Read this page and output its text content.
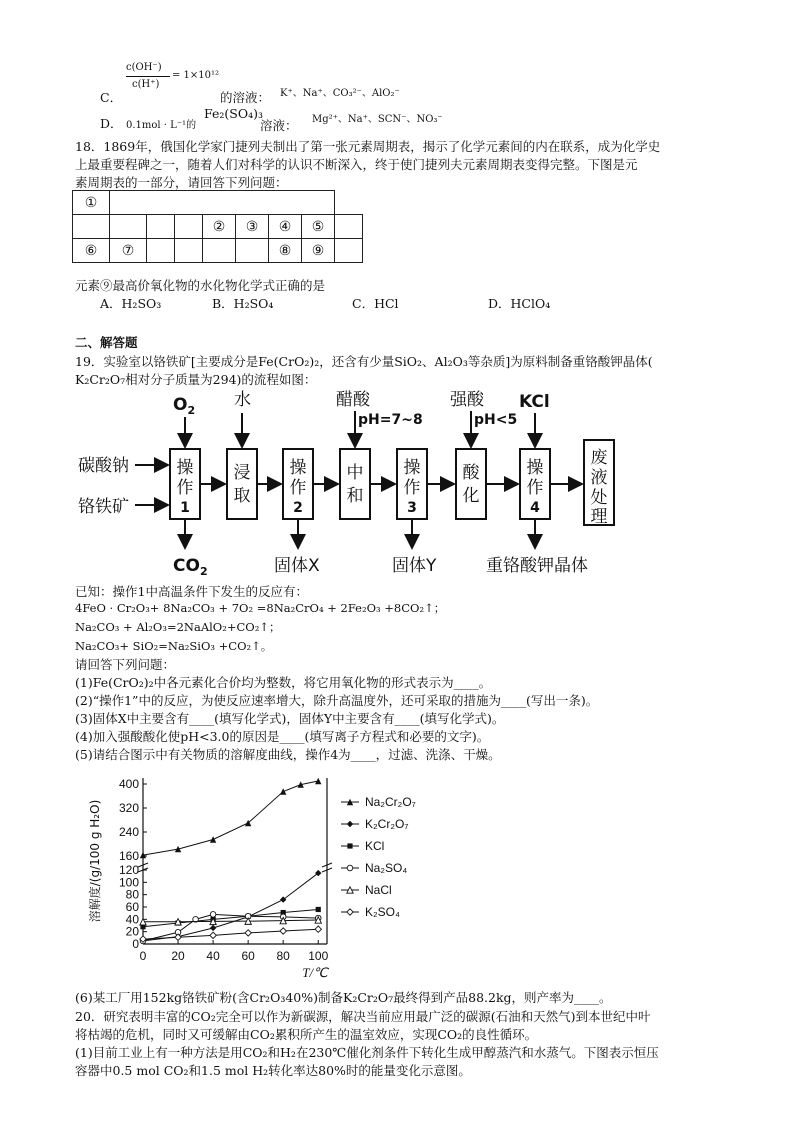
C．
c(OH⁻)
c(H⁺)
= 1×10¹²
的溶液： K⁺、Na⁺、CO₃²⁻、AlO₂⁻
D． 0.1mol · L⁻¹的
Fe₂(SO₄)₃
溶液： Mg²⁺、Na⁺、SCN⁻、NO₃⁻
18．1869年，俄国化学家门捷列夫制出了第一张元素周期表，揭示了化学元素间的内在联系，成为化学史
上最重要程碑之一，随着人们对科学的认识不断深入，终于使门捷列夫元素周期表变得完整。下图是元
素周期表的一部分，请回答下列问题：
①								
				②	③	④	⑤	
⑥	⑦					⑧	⑨	
元素⑨最高价氧化物的水化物化学式正确的是
A．H₂SO₃	B．H₂SO₄	C．HCl	D．HClO₄
二、解答题
19．实验室以铬铁矿[主要成分是Fe(CrO₂)₂，还含有少量SiO₂、Al₂O₃等杂质]为原料制备重铬酸钾晶体(
K₂Cr₂O₇相对分子质量为294)的流程如图：
操
作
1
浸
取
操
作
2
中
和
操
作
3
酸
化
操
作
4
废
液
处
理
碳酸钠
铬铁矿
$O_2$
水	醋酸
pH=7~8
强酸
pH<5
KCl
$CO_2$	固体X	固体Y	重铬酸钾晶体
已知：操作1中高温条件下发生的反应有：
4FeO · Cr₂O₃+ 8Na₂CO₃ + 7O₂ =8Na₂CrO₄ + 2Fe₂O₃ +8CO₂↑；
Na₂CO₃ + Al₂O₃=2NaAlO₂+CO₂↑；
Na₂CO₃+ SiO₂=Na₂SiO₃ +CO₂↑。
请回答下列问题：
(1)Fe(CrO₂)₂中各元素化合价均为整数，将它用氧化物的形式表示为____。
(2)“操作1”中的反应，为使反应速率增大，除升高温度外，还可采取的措施为____(写出一条)。
(3)固体X中主要含有____(填写化学式)，固体Y中主要含有____(填写化学式)。
(4)加入强酸酸化使pH<3.0的原因是____(填写离子方程式和必要的文字)。
(5)请结合图示中有关物质的溶解度曲线，操作4为____，过滤、洗涤、干燥。
0
20
40
60
80
100
120
160
240
320
400
0 20 40 60 80 100
T/℃
溶解度/(g/100 g H₂O)	Na₂Cr₂O₇
K₂Cr₂O₇
KCl
Na₂SO₄
NaCl
K₂SO₄
(6)某工厂用152kg铬铁矿粉(含Cr₂O₃40%)制备K₂Cr₂O₇最终得到产品88.2kg，则产率为____。
20．研究表明丰富的CO₂完全可以作为新碳源，解决当前应用最广泛的碳源(石油和天然气)到本世纪中叶
将枯竭的危机，同时又可缓解由CO₂累积所产生的温室效应，实现CO₂的良性循环。
(1)目前工业上有一种方法是用CO₂和H₂在230℃催化剂条件下转化生成甲醇蒸汽和水蒸气。下图表示恒压
容器中0.5 mol CO₂和1.5 mol H₂转化率达80%时的能量变化示意图。
